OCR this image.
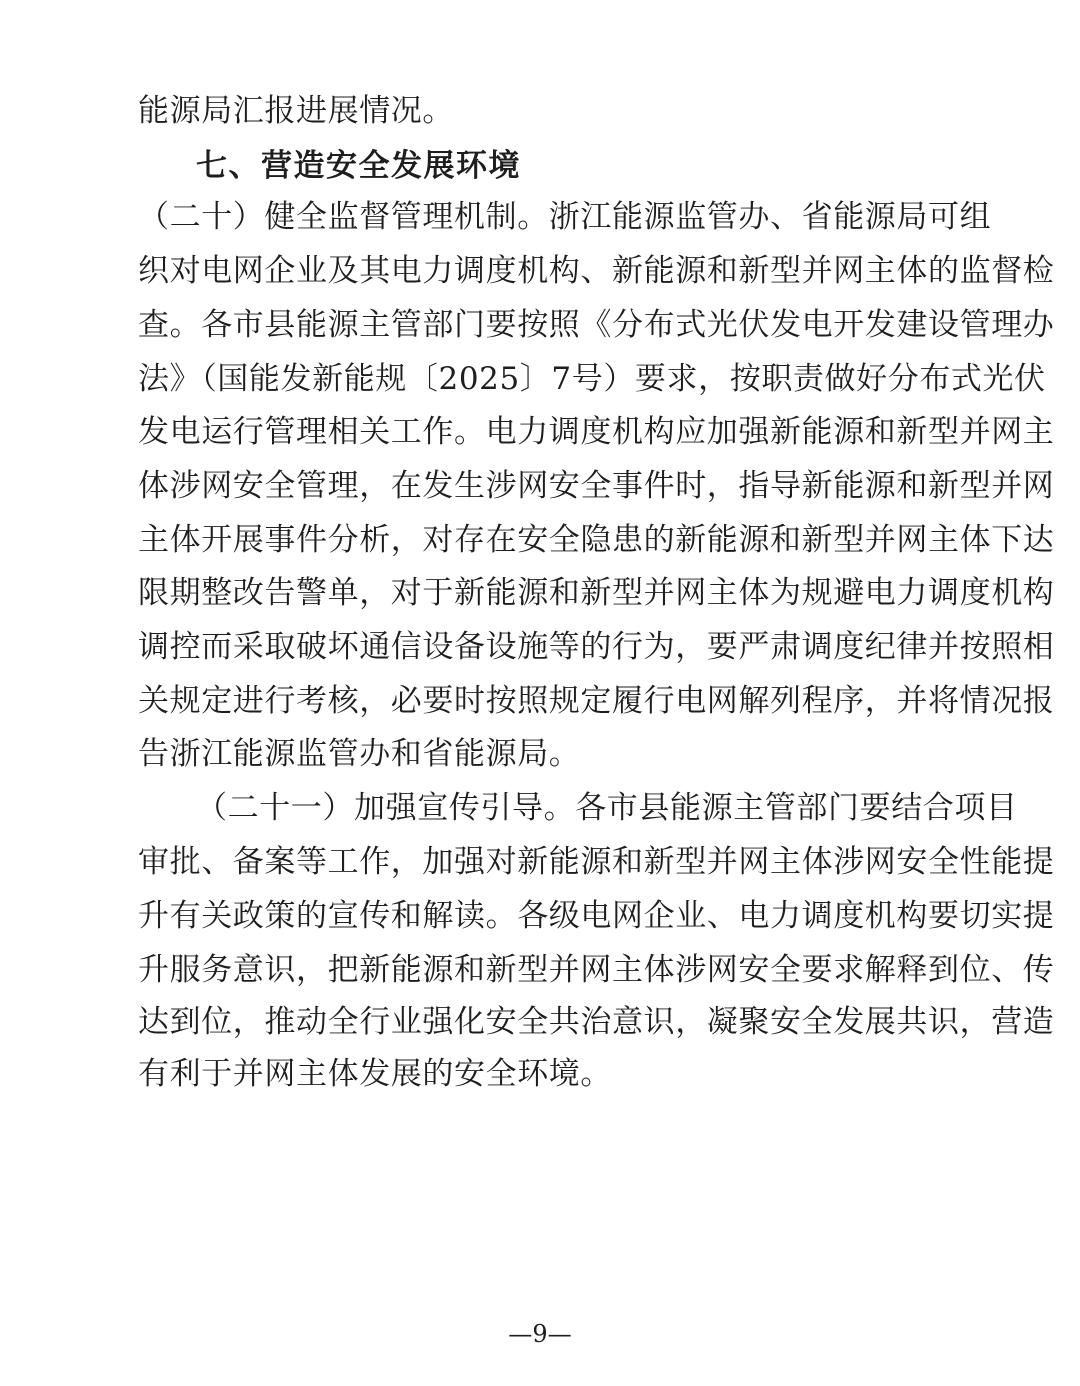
能源局汇报进展情况。
七、营造安全发展环境
（二十）健全监督管理机制。浙江能源监管办、省能源局可组
织对电网企业及其电力调度机构、新能源和新型并网主体的监督检
查。各市县能源主管部门要按照《分布式光伏发电开发建设管理办
法》（国能发新能规〔2025〕7号）要求，按职责做好分布式光伏
发电运行管理相关工作。电力调度机构应加强新能源和新型并网主
体涉网安全管理，在发生涉网安全事件时，指导新能源和新型并网
主体开展事件分析，对存在安全隐患的新能源和新型并网主体下达
限期整改告警单，对于新能源和新型并网主体为规避电力调度机构
调控而采取破坏通信设备设施等的行为，要严肃调度纪律并按照相
关规定进行考核，必要时按照规定履行电网解列程序，并将情况报
告浙江能源监管办和省能源局。
（二十一）加强宣传引导。各市县能源主管部门要结合项目
审批、备案等工作，加强对新能源和新型并网主体涉网安全性能提
升有关政策的宣传和解读。各级电网企业、电力调度机构要切实提
升服务意识，把新能源和新型并网主体涉网安全要求解释到位、传
达到位，推动全行业强化安全共治意识，凝聚安全发展共识，营造
有利于并网主体发展的安全环境。
—9—
